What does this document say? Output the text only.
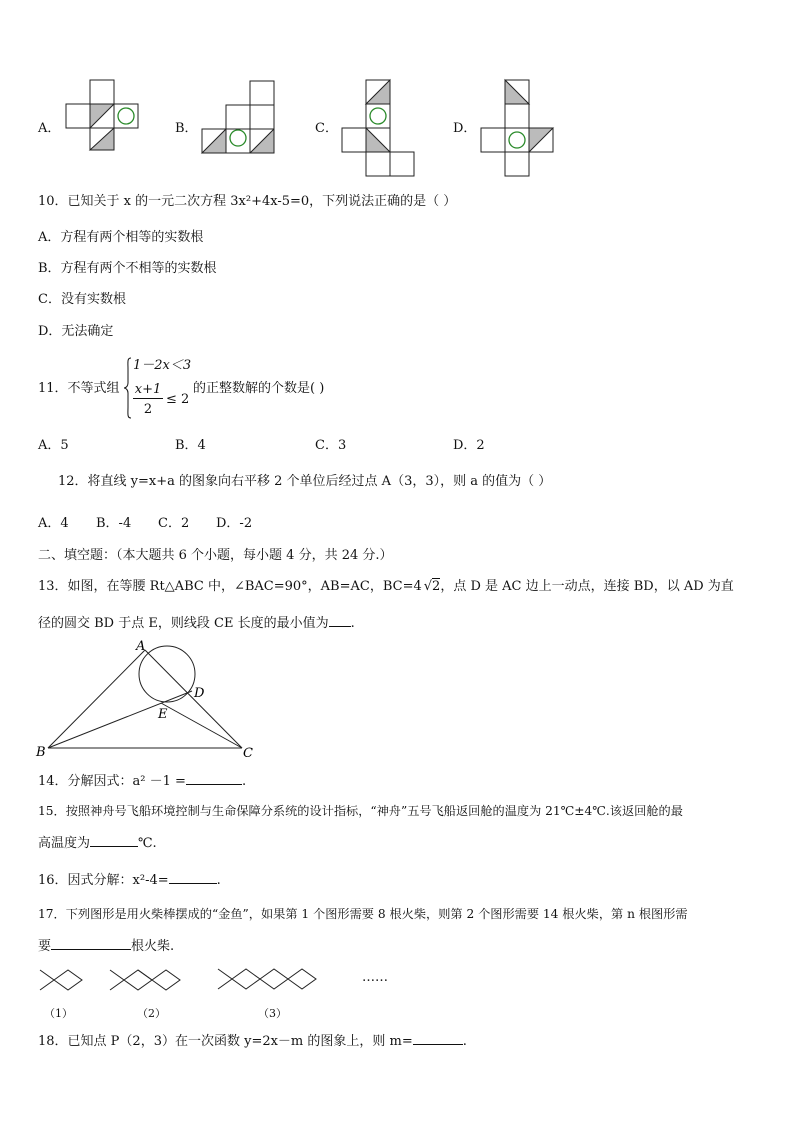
A．	B．	C．	D．
10．已知关于 x 的一元二次方程 3x²+4x-5=0，下列说法正确的是（ ）
A．方程有两个相等的实数根
B．方程有两个不相等的实数根
C．没有实数根
D．无法确定
11．不等式组
1－2x＜3
x+1
2
≤ 2
的正整数解的个数是( )
A．5	B．4	C．3	D．2
12．将直线 y=x+a 的图象向右平移 2 个单位后经过点 A（3，3），则 a 的值为（ ）
A．4 B．-4 C．2 D．-2
二、填空题：（本大题共 6 个小题，每小题 4 分，共 24 分.）
13．如图，在等腰 Rt△ABC 中，∠BAC=90°，AB=AC，BC=4 √2，点 D 是 AC 边上一动点，连接 BD，以 AD 为直
径的圆交 BD 于点 E，则线段 CE 长度的最小值为 .
A
B	C
D
E
14．分解因式：a² －1 =	.
15．按照神舟号飞船环境控制与生命保障分系统的设计指标，“神舟”五号飞船返回舱的温度为 21℃±4℃.该返回舱的最
高温度为	℃.
16．因式分解：x²-4=	.
17．下列图形是用火柴棒摆成的“金鱼”，如果第 1 个图形需要 8 根火柴，则第 2 个图形需要 14 根火柴，第 n 根图形需
要	根火柴.
（1）	（2）	（3）
……
18．已知点 P（2，3）在一次函数 y=2x－m 的图象上，则 m=	.
